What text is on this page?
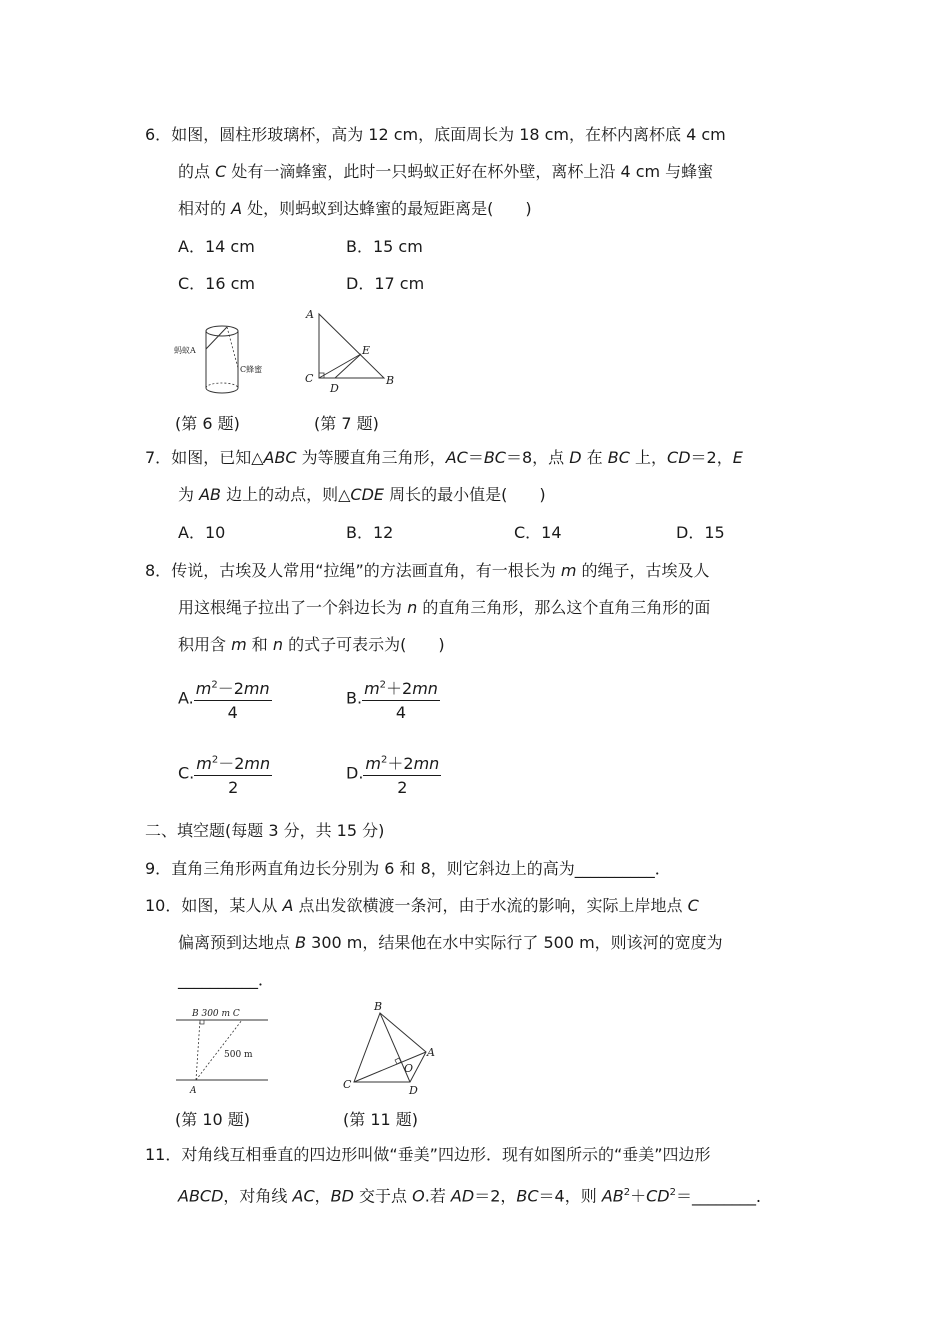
6．如图，圆柱形玻璃杯，高为 12 cm，底面周长为 18 cm，在杯内离杯底 4 cm
的点 C 处有一滴蜂蜜，此时一只蚂蚁正好在杯外壁，离杯上沿 4 cm 与蜂蜜
相对的 A 处，则蚂蚁到达蜂蜜的最短距离是(　　)
A．14 cm	B．15 cm
C．16 cm	D．17 cm
蚂蚁A
C蜂蜜
A
E
C
D
B
(第 6 题)	(第 7 题)
7．如图，已知△ABC 为等腰直角三角形，AC＝BC＝8，点 D 在 BC 上，CD＝2，E
为 AB 边上的动点，则△CDE 周长的最小值是(　　)
A．10	B．12	C．14	D．15
8．传说，古埃及人常用“拉绳”的方法画直角，有一根长为 m 的绳子，古埃及人
用这根绳子拉出了一个斜边长为 n 的直角三角形，那么这个直角三角形的面
积用含 m 和 n 的式子可表示为(　　)
A. $\frac{m^2-2mn}{4}$	B. $\frac{m^2+2mn}{4}$
C. $\frac{m^2-2mn}{2}$	D. $\frac{m^2+2mn}{2}$
二、填空题(每题 3 分，共 15 分)
9．直角三角形两直角边长分别为 6 和 8，则它斜边上的高为__________．
10．如图，某人从 A 点出发欲横渡一条河，由于水流的影响，实际上岸地点 C
偏离预到达地点 B 300 m，结果他在水中实际行了 500 m，则该河的宽度为
__________．
B 300 m C
500 m
A
B
A
O
C	D
(第 10 题)	(第 11 题)
11．对角线互相垂直的四边形叫做“垂美”四边形．现有如图所示的“垂美”四边形
ABCD，对角线 AC，BD 交于点 O.若 AD＝2，BC＝4，则 $AB^2+CD^2=\_\_\_\_\_\_\_\_$．
